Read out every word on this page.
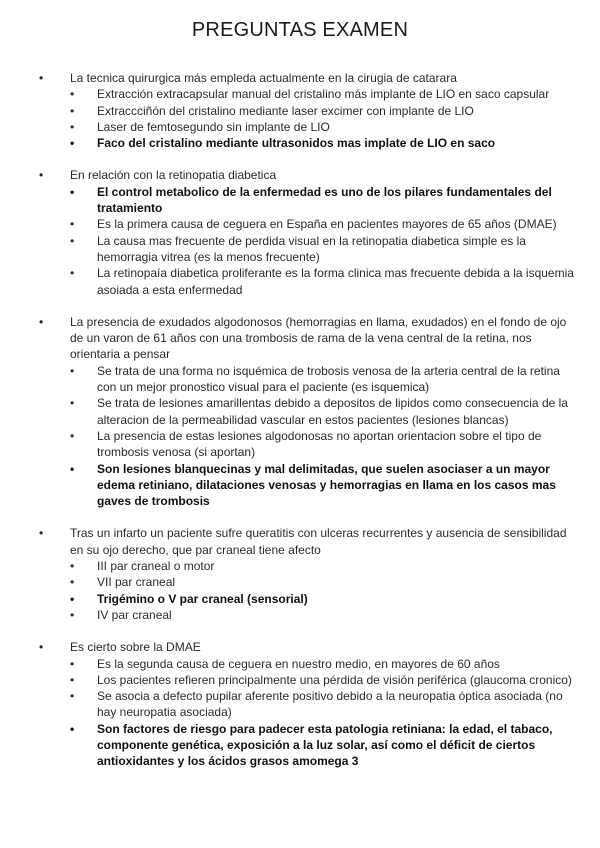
PREGUNTAS EXAMEN
• La tecnica quirurgica más empleda actualmente en la cirugia de catarara
• Extracción extracapsular manual del cristalino más implante de LIO en saco capsular
• Extraccciñón del cristalino mediante laser excimer con implante de LIO
• Laser de femtosegundo sin implante de LIO
• Faco del cristalino mediante ultrasonidos mas implate de LIO en saco
• En relación con la retinopatia diabetica
• El control metabolico de la enfermedad es uno de los pilares fundamentales del tratamiento
• Es la primera causa de ceguera en España en pacientes mayores de 65 años (DMAE)
• La causa mas frecuente de perdida visual en la retinopatia diabetica simple es la hemorragia vitrea (es la menos frecuente)
• La retinopaía diabetica proliferante es la forma clinica mas frecuente debida a la isquemia asoiada a esta enfermedad
• La presencia de exudados algodonosos (hemorragias en llama, exudados) en el fondo de ojo de un varon de 61 años con una trombosis de rama de la vena central de la retina, nos orientaria a pensar
• Se trata de una forma no isquémica de trobosis venosa de la arteria central de la retina con un mejor pronostico visual para el paciente (es isquemica)
• Se trata de lesiones amarillentas debido a depositos de lipidos como consecuencia de la alteracion de la permeabilidad vascular en estos pacientes (lesiones blancas)
• La presencia de estas lesiones algodonosas no aportan orientacion sobre el tipo de trombosis venosa (si aportan)
• Son lesiones blanquecinas y mal delimitadas, que suelen asociaser a un mayor edema retiniano, dilataciones venosas y hemorragias en llama en los casos mas gaves de trombosis
• Tras un infarto un paciente sufre queratitis con ulceras recurrentes y ausencia de sensibilidad en su ojo derecho, que par craneal tiene afecto
• III par craneal o motor
• VII par craneal
• Trigémino o V par craneal (sensorial)
• IV par craneal
• Es cierto sobre la DMAE
• Es la segunda causa de ceguera en nuestro medio, en mayores de 60 años
• Los pacientes refieren principalmente una pérdida de visión periférica (glaucoma cronico)
• Se asocia a defecto pupilar aferente positivo debido a la neuropatia óptica asociada (no hay neuropatia asociada)
• Son factores de riesgo para padecer esta patologia retiniana: la edad, el tabaco, componente genética, exposición a la luz solar, así como el déficit de ciertos antioxidantes y los ácidos grasos amomega 3
